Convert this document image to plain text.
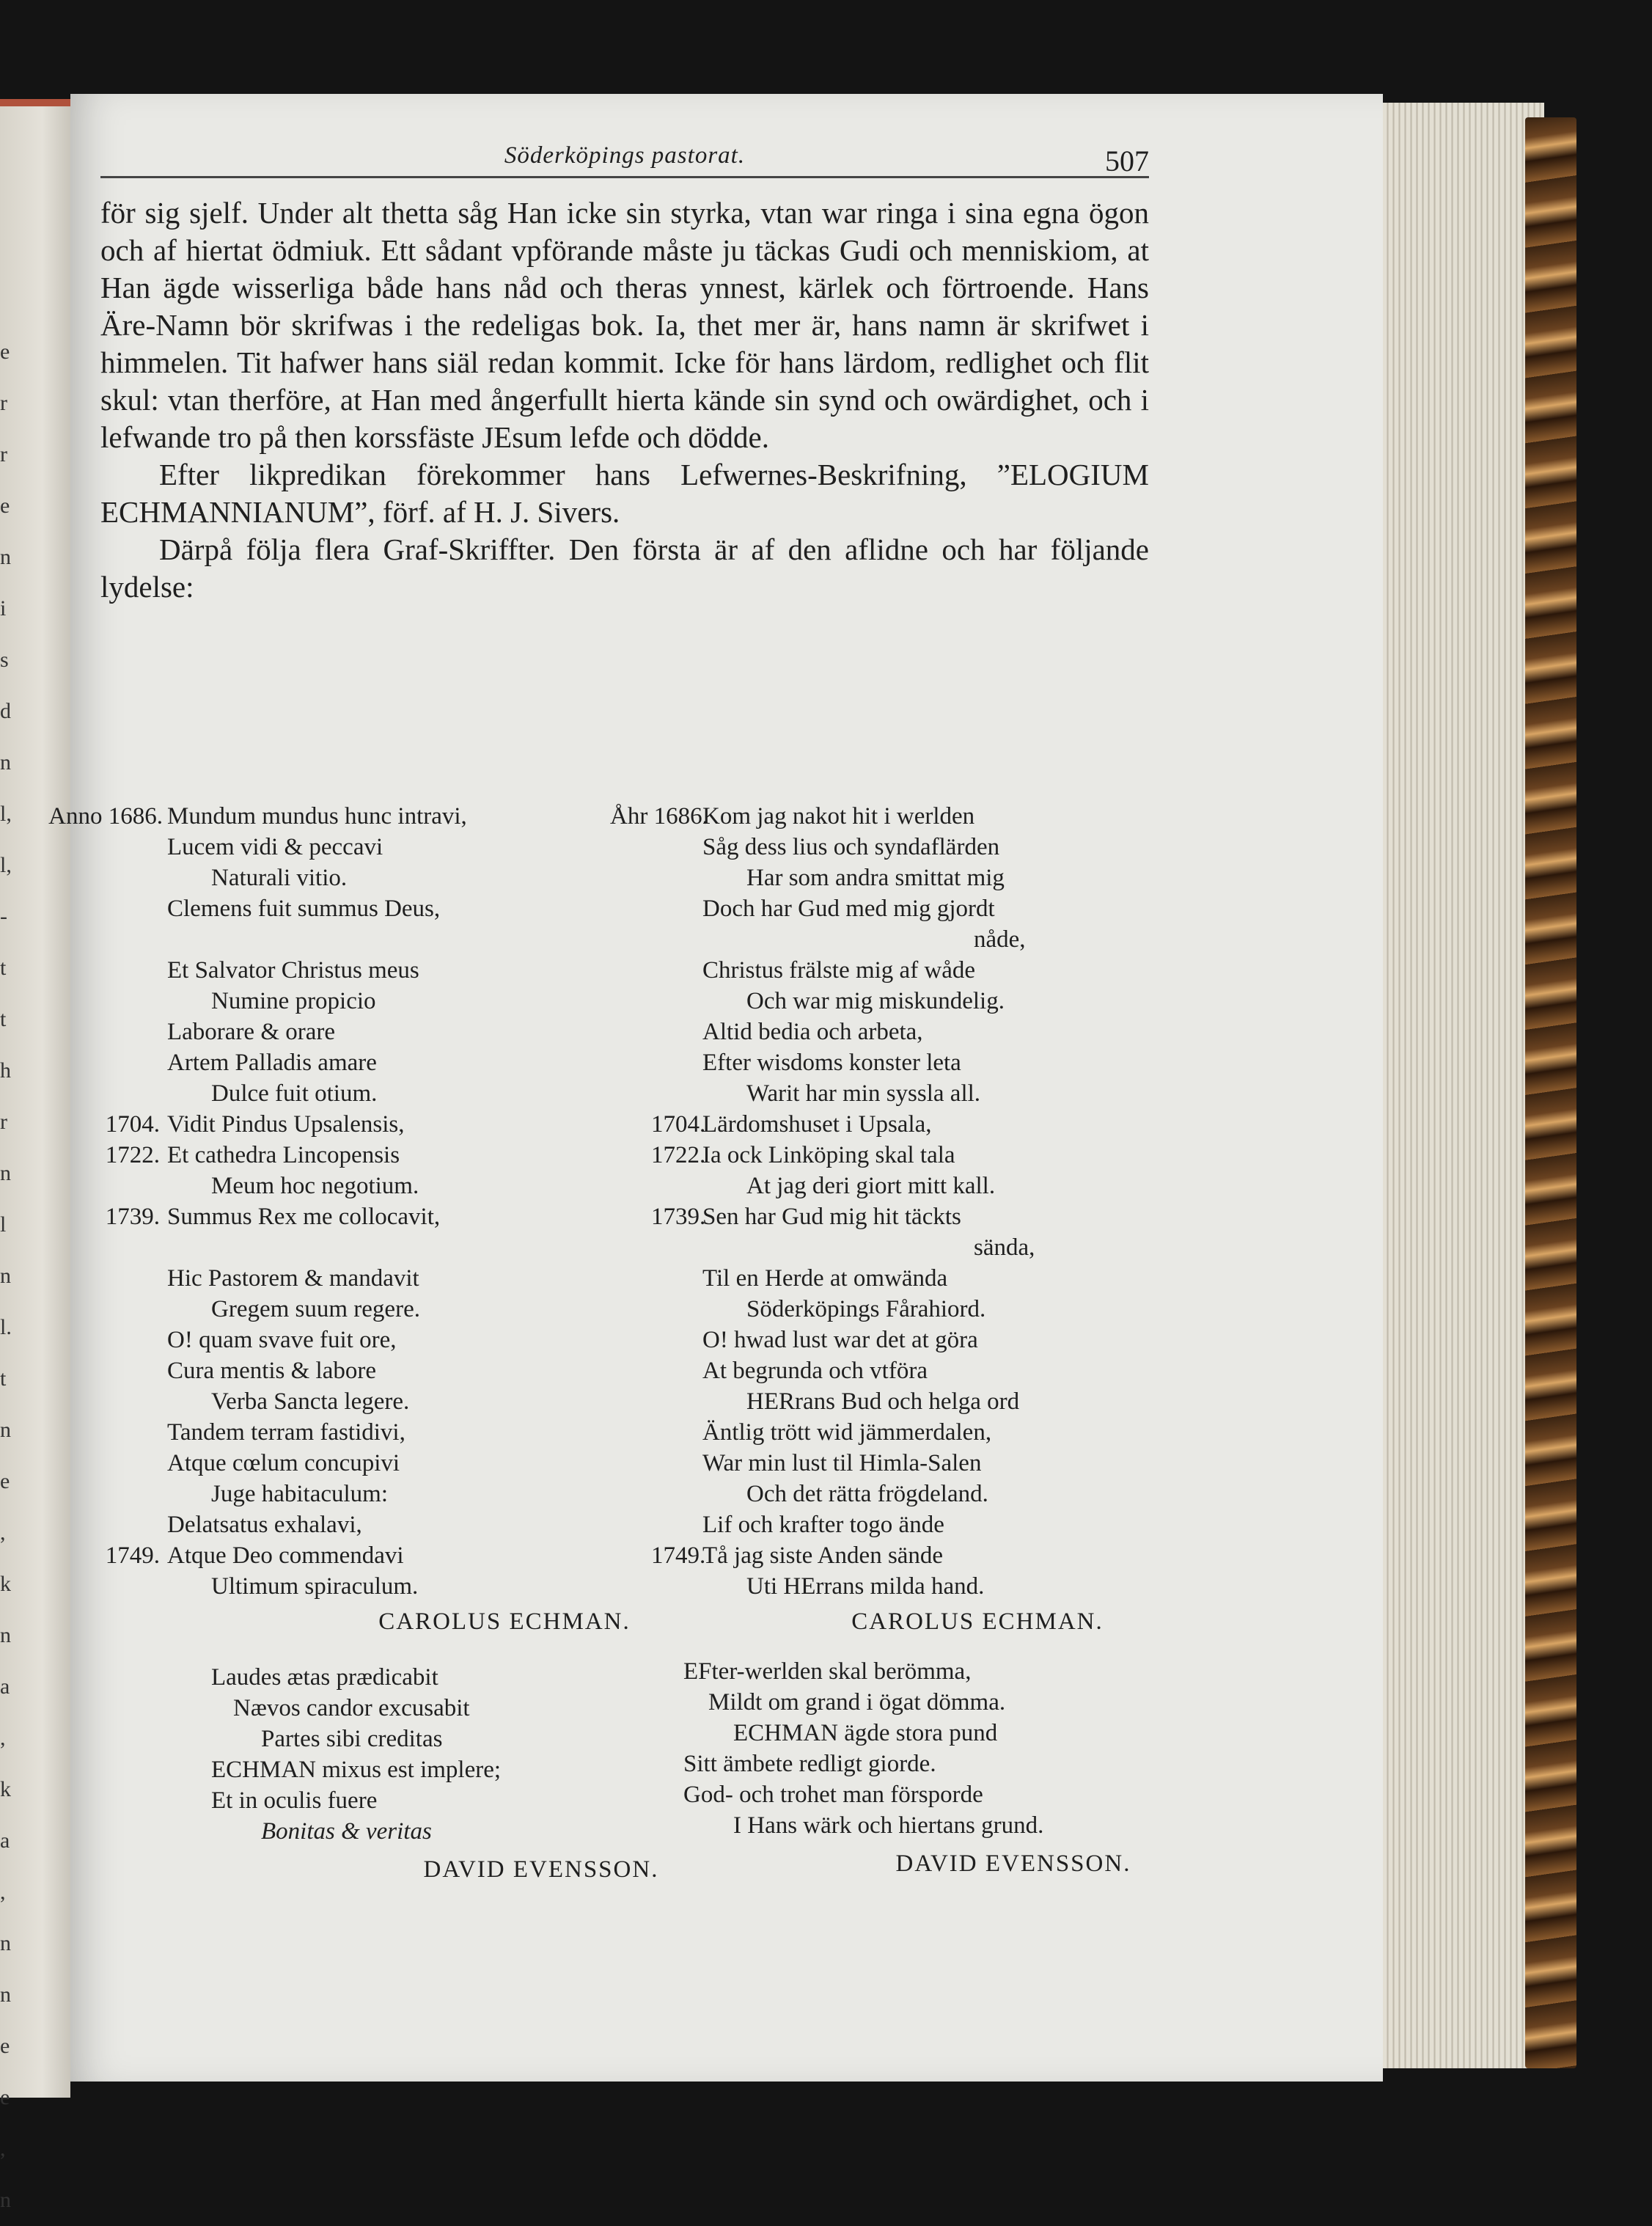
e
r
r
e
n
i
s
d
n
l,
l,
-
t
t
h
r
n
l
n
l.
t
n
e
,
k
n
a
,
k
a
,
n
n
e
e
,
n
Söderköpings pastorat.	507

för sig sjelf. Under alt thetta såg Han icke sin styrka, vtan war ringa i sina egna ögon och af hiertat ödmiuk. Ett sådant vpförande måste ju täckas Gudi och menniskiom, at Han ägde wisserliga både hans nåd och theras ynnest, kärlek och förtroende. Hans Äre-Namn bör skrifwas i the redeligas bok. Ia, thet mer är, hans namn är skrifwet i himmelen. Tit hafwer hans siäl redan kommit. Icke för hans lärdom, redlighet och flit skul: vtan therföre, at Han med ångerfullt hierta kände sin synd och owärdighet, och i lefwande tro på then korssfäste JEsum lefde och dödde.

Efter likpredikan förekommer hans Lefwernes-Beskrifning, ”ELOGIUM ECHMANNIANUM”, förf. af H. J. Sivers.

Därpå följa flera Graf-Skriffter. Den första är af den aflidne och har följande lydelse:

Anno 1686. Mundum mundus hunc intravi,
Lucem vidi & peccavi
Naturali vitio.
Clemens fuit summus Deus,
Et Salvator Christus meus
Numine propicio
Laborare & orare
Artem Palladis amare
Dulce fuit otium.
1704. Vidit Pindus Upsalensis,
1722. Et cathedra Lincopensis
Meum hoc negotium.
1739. Summus Rex me collocavit,
Hic Pastorem & mandavit
Gregem suum regere.
O! quam svave fuit ore,
Cura mentis & labore
Verba Sancta legere.
Tandem terram fastidivi,
Atque cœlum concupivi
Juge habitaculum:
Delatsatus exhalavi,
1749. Atque Deo commendavi
Ultimum spiraculum.
CAROLUS ECHMAN.
Åhr 1686.
Kom jag nakot hit i werlden
Såg dess lius och syndaflärden
Har som andra smittat mig
Doch har Gud med mig gjordt
nåde,
Christus frälste mig af wåde
Och war mig miskundelig.
Altid bedia och arbeta,
Efter wisdoms konster leta
Warit har min syssla all.
1704.
Lärdomshuset i Upsala,
1722.
Ia ock Linköping skal tala
At jag deri giort mitt kall.
1739.
Sen har Gud mig hit täckts
sända,
Til en Herde at omwända
Söderköpings Fårahiord.
O! hwad lust war det at göra
At begrunda och vtföra
HERrans Bud och helga ord
Äntlig trött wid jämmerdalen,
War min lust til Himla-Salen
Och det rätta frögdeland.
Lif och krafter togo ände
1749.
Tå jag siste Anden sände
Uti HErrans milda hand.
CAROLUS ECHMAN.
Laudes ætas prædicabit
Nævos candor excusabit
Partes sibi creditas
ECHMAN mixus est implere;
Et in oculis fuere
Bonitas & veritas
DAVID EVENSSON.
EFter-werlden skal berömma,
Mildt om grand i ögat dömma.
ECHMAN ägde stora pund
Sitt ämbete redligt giorde.
God- och trohet man försporde
I Hans wärk och hiertans grund.
DAVID EVENSSON.
